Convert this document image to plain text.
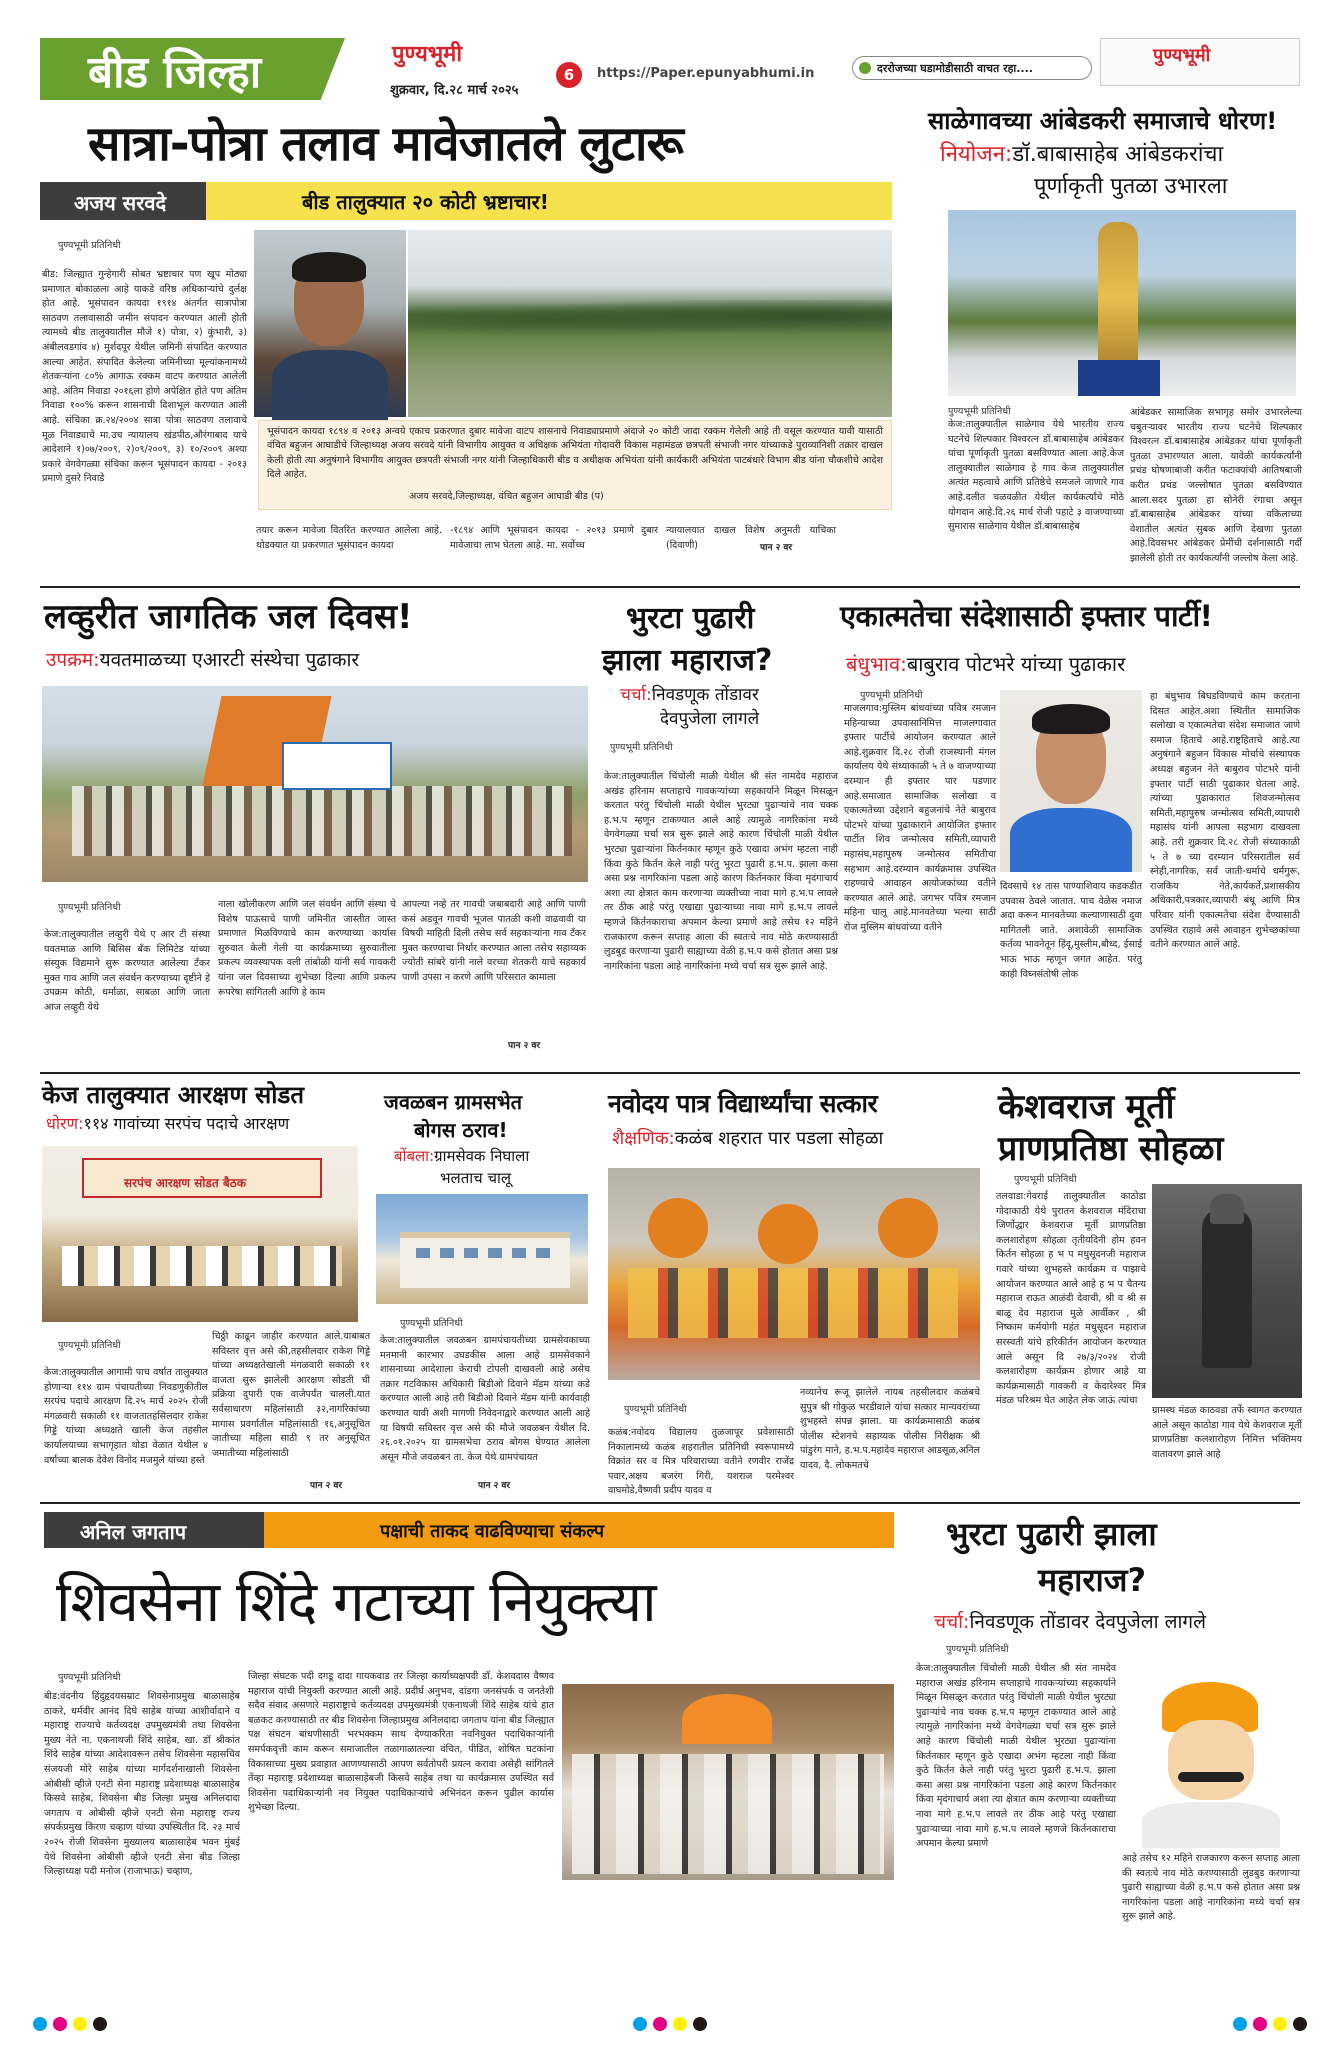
बीड जिल्हा	पुण्यभूमी
शुक्रवार, दि.२८ मार्च २०२५
6	https://Paper.epunyabhumi.in	दररोजच्या घडामोडीसाठी वाचत रहा....
पुण्यभूमी
सात्रा-पोत्रा तलाव मावेजातले लुटारू
अजय सरवदे	बीड तालुक्यात २० कोटी भ्रष्टाचार!
पुण्यभूमी प्रतिनिधी
बीड: जिल्ह्यात गुन्हेगारी सोबत भ्रष्टाचार पण खूप मोठ्या प्रमाणात बोकाळला आहे याकडे वरिष्ठ अधिकाऱ्यांचे दुर्लक्ष होत आहे. भूसंपादन कायदा १९१४ अंतर्गत सात्रापोत्रा साठवण तलावासाठी जमीन संपादन करण्यात आली होती त्यामध्ये बीड तालुक्यातील मौजे १) पोत्रा, २) कुंभारी, ३) अंबीलवडगांव ४) मुर्शदपूर येथील जमिनी संपादित करण्यात आल्या आहेत. संपादित केलेल्या जमिनीच्या मूल्यांकनामध्ये शेतकऱ्यांना ८०% आगाऊ रक्कम वाटप करण्यात आलेली आहे. अंतिम निवाडा २०१६ला होणे अपेक्षित होते पण अंतिम निवाडा १००% करून शासनाची दिशाभूल करण्यात आली आहे. संचिका क्र.२४/२००४ सात्रा पोत्रा साठवण तलावाचे मूळ निवाड्याचे मा.उच न्यायालय खंडपीठ,औरंगाबाद याचे आदेशाने १)०७/२००९, २)०९/२००९, ३) १०/२००९ अश्या प्रकारे वेगवेगळ्या संचिका करून भूसंपादन कायदा - २०१३ प्रमाणे दुसरे निवाडे
भूसंपादन कायदा १८९४ व २०१३ अन्वये एकाच प्रकरणात दुबार मावेजा वाटप शासनाचे निवाड्याप्रमाणे अंदाजे २० कोटी जादा रक्कम गेलेली आहे ती वसूल करण्यात यावी यासाठी वंचित बहुजन आघाडीचे जिल्हाध्यक्ष अजय सरवदे यांनी विभागीय आयुक्त व अधिक्षक अभियंता गोदावरी विकास महामंडळ छत्रपती संभाजी नगर यांच्याकडे पुराव्यानिशी तक्रार दाखल केली होती त्या अनुषंगाने विभागीय आयुक्त छत्रपती संभाजी नगर यांनी जिल्हाधिकारी बीड व अधीक्षक अभियंता यांनी कार्यकारी अभियंता पाटबंधारे विभाग बीड यांना चौकशीचे आदेश दिले आहेत.
अजय सरवदे,जिल्हाध्यक्ष, वंचित बहुजन आघाडी बीड (प)
तयार करून मावेजा वितरित करण्यात आलेला आहे. थोडक्यात या प्रकरणात भूसंपादन कायदा
-१८९४ आणि भूसंपादन कायदा - २०१३ प्रमाणे दुबार मावेजाचा लाभ घेतला आहे. मा. सर्वोच्च
न्यायालयात दाखल विशेष अनुमती याचिका (दिवाणी)	पान २ वर
साळेगावच्या आंबेडकरी समाजाचे धोरण!
नियोजन:डॉ.बाबासाहेब आंबेडकरांचा
पूर्णाकृती पुतळा उभारला
पुण्यभूमी प्रतिनिधी
केज:तालुक्यातील साळेगाव येथे भारतीय राज्य घटनेचे शिल्पकार विश्वरत्न डॉ.बाबासाहेब आंबेडकर यांचा पूर्णाकृती पुतळा बसविण्यात आला आहे.केज तालुक्यातील साळेगाव हे गाव केज तालुक्यातील अत्यंत महत्वाचे आणि प्रतिष्ठेचे समजले जाणारे गाव आहे.दलीत चळवळीत येथील कार्यकर्त्यांचे मोठे योगदान आहे.दि.२६ मार्च रोजी पहाटे ३ वाजण्याच्या सुमारास साळेगाव येथील डॉ.बाबासाहेब
आंबेडकर सामाजिक सभागृह समोर उभारलेल्या चबुतऱ्यावर भारतीय राज्य घटनेचे शिल्पकार विश्वरत्न डॉ.बाबासाहेब आंबेडकर यांचा पूर्णाकृती पुतळा उभारण्यात आला. यावेळी कार्यकर्त्यांनी प्रचंड घोषणाबाजी करीत फटाक्यांची आतिषबाजी करीत प्रचंड जल्लोषात पुतळा बसविण्यात आला.सदर पुतळा हा सोनेरी रंगाचा असून डॉ.बाबासाहेब आंबेडकर यांच्या वकिलाच्या वेशातील अत्यंत सुबक आणि देखणा पुतळा आहे.दिवसभर आंबेडकर प्रेमींची दर्शनासाठी गर्दी झालेली होती तर कार्यकर्त्यांनी जल्लोष केला आहे.
लव्हुरीत जागतिक जल दिवस!
उपक्रम:यवतमाळच्या एआरटी संस्थेचा पुढाकार
पुण्यभूमी प्रतिनिधी
केज:तालुक्यातील लव्हुरी येथे ए आर टी संस्था यवतमाळ आणि बिसिस बँक लिमिटेड यांच्या संस्युक विद्यमाने सुरू करण्यात आलेल्या टँकर मुक्त गाव आणि जल संवर्धन करण्याच्या दृष्टीने हे उपक्रम कोठी, धर्माळा, साबळा आणि जाता आज लव्हुरी येथे
नाला खोलीकरण आणि जल संवर्धन आणि संस्था चे विशेष पाऊसाचे पाणी जमिनीत जास्तीत जास्त प्रमाणात मिळविण्याचे काम करण्याच्या कार्यास सुरुवात केली गेली या कार्यक्रमाच्या सुरुवातीला प्रकल्प व्यवस्थापक वली तांबोळी यांनी सर्व गावकरी यांना जल दिवसाच्या शुभेच्छा दिल्या आणि प्रकल्प रूपरेषा सांगितली आणि हे काम
आपल्या नव्हे तर गावची जबाबदारी आहे आणि पाणी कसं अडवून गावची भूजल पातळी कशी वाढवावी या विषयी माहिती दिली तसेच सर्व सहकाऱ्यांना गाव टँकर मुक्त करण्याचा निर्धार करण्यात आला तसेच सहाय्यक ज्योती सांबरे यांनी नाले वरच्या शेतकरी याचे सहकार्य पाणी उपसा न करणे आणि परिसरात कामाला
पान २ वर
भुरटा पुढारी
झाला महाराज?
चर्चा:निवडणूक तोंडावर
देवपुजेला लागले
पुण्यभूमी प्रतिनिधी
केज:तालुक्यातील चिंचोली माळी येथील श्री संत नामदेव महाराज अखंड हरिनाम सप्ताहाचे गावकऱ्यांच्या सहकार्याने मिळून मिसळून करतात परंतु चिंचोली माळी येथील भुरट्या पुढाऱ्यांचे नाव चक्क ह.भ.प म्हणून टाकण्यात आले आहे त्यामुळे नागरिकांना मध्ये वेगवेगळ्या चर्चा सत्र सुरू झाले आहे कारण चिंचोली माळी येथील भुरट्या पुढाऱ्यांना किर्तनकार म्हणून कुठे एखादा अभंग म्हटला नाही किंवा कुठे किर्तन केले नाही परंतु भुरटा पुढारी ह.भ.प. झाला कसा असा प्रश्न नागरिकांना पडला आहे कारण किर्तनकार किंवा मृदंगाचार्य अशा त्या क्षेत्रात काम करणाऱ्या व्यक्तीच्या नावा मागे ह.भ.प लावले तर ठीक आहे परंतु एखाद्या पुढाऱ्याच्या नावा मागे ह.भ.प लावले म्हणजे किर्तनकाराचा अपमान केल्या प्रमाणे आहे तसेच १२ महिने राजकारण करून सप्ताह आला की स्वतःचे नाव मोठे करण्यासाठी लुडबुड करणाऱ्या पुढारी साह्याच्या वेळी ह.भ.प कसे होतात असा प्रश्न नागरिकांना पडला आहे नागरिकांना मध्ये चर्चा सत्र सुरू झाले आहे.
एकात्मतेचा संदेशासाठी इफ्तार पार्टी!
बंधुभाव:बाबुराव पोटभरे यांच्या पुढाकार
पुण्यभूमी प्रतिनिधी
माजलगाव:मुस्लिम बांधवांच्या पवित्र रमजान महिन्याच्या उपवासानिमित्त माजलगावात इफ्तार पार्टीचे आयोजन करण्यात आले आहे.शुक्रवार दि.२८ रोजी राजस्थानी मंगल कार्यालय येथे संध्याकाळी ५ ते ७ वाजण्याच्या दरम्यान ही इफ्तार पार पडणार आहे.समाजात सामाजिक सलोखा व एकात्मतेच्या उद्देशाने बहुजनांचे नेते बाबुराव पोटभरे यांच्या पुढाकाराने आयोजित इफ्तार पार्टीत शिव जन्मोत्सव समिती,व्यापारी महासंघ,महापुरुष जन्मोत्सव समितीचा सहभाग आहे.दरम्यान कार्यक्रमास उपस्थित राहण्याचे आवाहन आयोजकांच्या वतीने करण्यात आले आहे. जगभर पवित्र रमजान महिना चालू आहे.मानवतेच्या भल्या साठी रोज मुस्लिम बांधवांच्या वतीने
दिवसाचे १४ तास पाण्याशिवाय कडकडीत उपवास ठेवले जातात. पाच वेळेस नमाज अदा करून मानवतेच्या कल्याणासाठी दुवा मागितली जाते. अशावेळी सामाजिक कर्तव्य भावनेतून हिंदू,मुस्लीम,बौध्द, ईसाई भाऊ भाऊ म्हणून जगत आहेत. परंतु काही विघ्नसंतोषी लोक
हा बंधुभाव बिघडविण्याचे काम करताना दिसत आहेत.अशा स्थितीत सामाजिक सलोखा व एकात्मतेचा संदेश समाजात जाणे समाज हिताचे आहे.राष्ट्रहिताचे आहे.त्या अनुषंगाने बहुजन विकास मोर्चाचे संस्थापक अध्यक्ष बहुजन नेते बाबुराव पोटभरे यांनी इफ्तार पार्टी साठी पुढाकार घेतला आहे. त्यांच्या पुढाकारात शिवजन्मोत्सव समिती,महापुरुष जन्मोत्सव समिती,व्यापारी महासंघ यांनी आपला सहभाग दाखवला आहे. तरी शुक्रवार दि.२८ रोजी संध्याकाळी ५ ते ७ च्या दरम्यान परिसरातील सर्व स्नेही,नागरिक, सर्व जाती-धर्माचे धर्मगुरू, राजकिय नेते,कार्यकर्ते,प्रशासकीय अधिकारी,पत्रकार,व्यापारी बंधू आणि मित्र परिवार यांनी एकात्मतेचा संदेश देण्यासाठी उपस्थित राहावे असे आवाहन शुभेच्छकांच्या वतीने करण्यात आले आहे.
केज तालुक्यात आरक्षण सोडत
धोरण:११४ गावांच्या सरपंच पदाचे आरक्षण
सरपंच आरक्षण सोडत बैठक
पुण्यभूमी प्रतिनिधी
केज:तालुक्यातील आगामी पाच वर्षात तालुक्यात होणाऱ्या ११४ ग्राम पंचायतीच्या निवडणुकीतील सरपंच पदाचे आरक्षण दि.२५ मार्च २०२५ रोजी मंगळवारी सकाळी ११ वाजतातहसिलदार राकेश गिड्डे यांच्या अध्यक्षते खाली केज तहसील कार्यालयाच्या सभागृहात थोडा वेळात येथील ४ वर्षाच्या बालक देवेश विनोद मजमुले यांच्या हस्ते
चिठ्ठी काढून जाहीर करण्यात आले.याबाबत सविस्तर वृत्त असे की,तहसीलदार राकेश गिड्डे यांच्या अध्यक्षतेखाली मंगळवारी सकाळी ११ वाजता सुरू झालेली आरक्षण सोडती ची प्रक्रिया दुपारी एक वाजेपर्यंत चालली.यात सर्वसाधारण महिलांसाठी ३२,नागरिकांच्या मागास प्रवर्गातील महिलांसाठी १६,अनुसूचित जातीच्या महिला साठी ९ तर अनुसूचित जमातीच्या महिलांसाठी
पान २ वर
जवळबन ग्रामसभेत
बोगस ठराव!
बोंबला:ग्रामसेवक निघाला
भलताच चालू
पुण्यभूमी प्रतिनिधी
केज:तालुक्यातील जवळबन ग्रामपंचायतीच्या ग्रामसेवकाच्या मनमानी कारभार उघडकीस आला आहे ग्रामसेवकाने शासनाच्या आदेशाला केराची टोपली दाखवली आहे असेच तक्रार गटविकास अधिकारी बिडीओ दिवाने मॅडम यांच्या कडे करण्यात आली आहे तरी बिडीओ दिवाने मॅडम यांनी कार्यवाही करण्यात यावी अशी मागणी निवेदनाद्वारे करण्यात आली आहे या विषयी सविस्तर वृत्त असे की मौजे जवळबन येथील दि. २६.०१.२०२५ या ग्रामसभेचा ठराव बोगस घेण्यात आलेला असून मौजे जवळबन ता. केज येथे ग्रामपंचायत
पान २ वर
नवोदय पात्र विद्यार्थ्यांचा सत्कार
शैक्षणिक:कळंब शहरात पार पडला सोहळा
पुण्यभूमी प्रतिनिधी
कळंब:नवोदय विद्यालय तुळजापूर प्रवेशासाठी निकालामध्ये कळंब शहरातील प्रतिनिधी स्वरूपामध्ये विक्रांत सर व मित्र परिवाराच्या वतीने रणवीर राजेंद्र पवार,अक्षय बजरंग गिरी, यशराज परमेश्वर वाघमोडे,वैष्णवी प्रदीप यादव व
नव्यानेच रूजू झालेले नायब तहसीलदार कळंबचे सुपुत्र श्री गोकुळ भरडीवाले यांचा सत्कार मान्यवरांच्या शुभहस्ते संपन्न झाला. या कार्यक्रमासाठी कळंब पोलीस स्टेशनचे सहाय्यक पोलीस निरीक्षक श्री पांडुरंग माने, ह.भ.प.महादेव महाराज आडसूळ,अनिल यादव, दै. लोकमतचे
केशवराज मूर्ती
प्राणप्रतिष्ठा सोहळा
पुण्यभूमी प्रतिनिधी
तलवाडा:गेवराई तालुक्यातील काठोडा गोदाकाठी येथे पुरातन केशवराज मंदिराचा जिर्णोद्धार केशवराज मूर्ती प्राणप्रतिष्ठा कलशारोहण सोहळा तृतीयदिनी होम हवन किर्तन सोहळा ह भ प मधुसूदनजी महाराज गवारे यांच्या शुभहस्ते कार्यक्रम व पाझाचे आयोजन करण्यात आले आहे ह भ प चैतन्य महाराज राऊत आळंदी देवाची, श्री व श्री स बाळू देव महाराज मुळे आर्वीकर , श्री निष्काम कर्मयोगी महंत मधुसूदन महाराज सरस्वती यांचे हरिकीर्तन आयोजन करण्यात आले असून दि २७/३/२०२४ रोजी कलशारोहण कार्यक्रम होणार आहे या कार्यक्रमासाठी गावकरी व केदारेश्वर मित्र मंडळ परिश्रम घेत आहेत लेक जाऊं त्यांचा
ग्रामस्थ मंडळ काठवडा तर्फे स्वागत करण्यात आले असून काठोडा गाव येथे केशवराज मूर्ती प्राणप्रतिष्ठा कलशारोहण निमित्त भक्तिमय वातावरण झाले आहे
अनिल जगताप	पक्षाची ताकद वाढविण्याचा संकल्प
शिवसेना शिंदे गटाच्या नियुक्त्या
पुण्यभूमी प्रतिनिधी
बीड:वंदनीय हिंदुहृदयसम्राट शिवसेनाप्रमुख बाळासाहेब ठाकरे, धर्मवीर आनंद दिघे साहेब यांच्या आशीर्वादाने व महाराष्ट्र राज्याचे कर्तव्यदक्ष उपमुख्यमंत्री तथा शिवसेना मुख्य नेते ना. एकनाथजी शिंदे साहेब, खा. डॉ श्रीकांत शिंदे साहेब यांच्या आदेशावरून तसेच शिवसेना महासचिव संजयजी मोरे साहेब यांच्या मार्गदर्शनाखाली शिवसेना ओबीसी व्हीजे एनटी सेना महाराष्ट्र प्रदेशाध्यक्ष बाळासाहेब किसवे साहेब, शिवसेना बीड जिल्हा प्रमुख अनिलदादा जगताप व ओबीसी व्हीजे एनटी सेना महाराष्ट्र राज्य संपर्कप्रमुख किरण चव्हाण यांच्या उपस्थितीत दि. २३ मार्च २०२५ रोजी शिवसेना मुख्यालय बाळासाहेब भवन मुंबई येथे शिवसेना ओबीसी व्हीजे एनटी सेना बीड जिल्हा जिल्हाध्यक्ष पदी मनोज (राजाभाऊ) चव्हाण,
जिल्हा संघटक पदी दगडू दादा गायकवाड तर जिल्हा कार्याध्यक्षपदी डॉ. केशवदास वैष्णव महाराज यांची नियुक्ती करण्यात आली आहे. प्रदीर्घ अनुभव, दांडगा जनसंपर्क व जनतेशी सदैव संवाद असणारे महाराष्ट्राचे कर्तव्यदक्ष उपमुख्यमंत्री एकनाथजी शिंदे साहेब यांचे हात बळकट करण्यासाठी तर बीड शिवसेना जिल्हाप्रमुख अनिलदादा जगताप यांना बीड जिल्ह्यात पक्ष संघटन बांधणीसाठी भरभक्कम साथ देण्याकरिता नवनियुक्त पदाधिकाऱ्यांनी समर्पकवृत्ती काम करून समाजातील तळागाळातल्या वंचित, पीडित, शोषित घटकांना विकासाच्या मुख्य प्रवाहात आणण्यासाठी आपण सर्वतोपरी प्रयत्न करावा असेही सांगितले तेंव्हा महाराष्ट्र प्रदेशाध्यक्ष बाळासाहेबजी किसवे साहेब तथा या कार्यक्रमास उपस्थित सर्व शिवसेना पदाधिकाऱ्यांनी नव नियुक्त पदाधिकाऱ्यांचे अभिनंदन करून पुढील कार्यास शुभेच्छा दिल्या.
भुरटा पुढारी झाला
महाराज?
चर्चा:निवडणूक तोंडावर देवपुजेला लागले
पुण्यभूमी प्रतिनिधी
केज:तालुक्यातील चिंचोली माळी येथील श्री संत नामदेव महाराज अखंड हरिनाम सप्ताहाचे गावकऱ्यांच्या सहकार्याने मिळून मिसळून करतात परंतु चिंचोली माळी येथील भुरट्या पुढाऱ्यांचे नाव चक्क ह.भ.प म्हणून टाकण्यात आले आहे त्यामुळे नागरिकांना मध्ये वेगवेगळ्या चर्चा सत्र सुरू झाले आहे कारण चिंचोली माळी येथील भुरट्या पुढाऱ्यांना किर्तनकार म्हणून कुठे एखादा अभंग म्हटला नाही किंवा कुठे किर्तन केले नाही परंतु भुरटा पुढारी ह.भ.प. झाला कसा असा प्रश्न नागरिकांना पडला आहे कारण किर्तनकार किंवा मृदंगाचार्य अशा त्या क्षेत्रात काम करणाऱ्या व्यक्तीच्या नावा मागे ह.भ.प लावले तर ठीक आहे परंतु एखाद्या पुढाऱ्याच्या नावा मागे ह.भ.प लावले म्हणजे किर्तनकाराचा अपमान केल्या प्रमाणे
आहे तसेच १२ महिने राजकारण करून सप्ताह आला की स्वतःचे नाव मोठे करण्यासाठी लुडबुड करणाऱ्या पुढारी साह्याच्या वेळी ह.भ.प कसे होतात असा प्रश्न नागरिकांना पडला आहे नागरिकांना मध्ये चर्चा सत्र सुरू झाले आहे.
